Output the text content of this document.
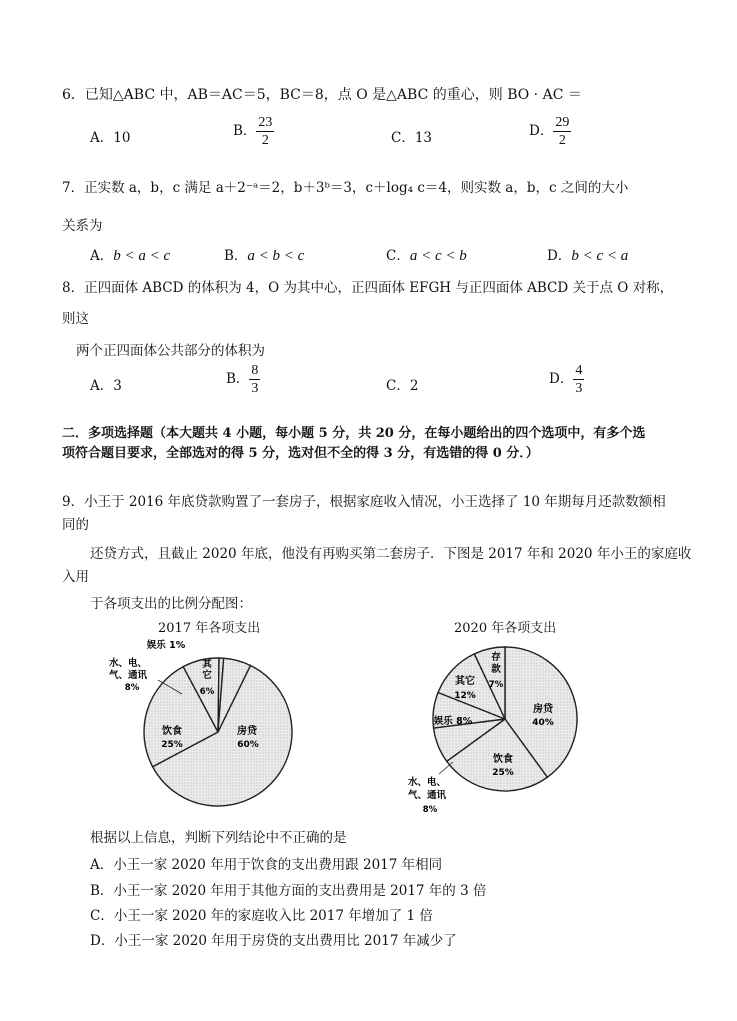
6．已知△ABC 中，AB＝AC＝5，BC＝8，点 O 是△ABC 的重心，则 BO · AC ＝
A．10	B． $\frac{23}{2}$	C．13	D． $\frac{29}{2}$
7．正实数 a，b，c 满足 a＋2⁻ᵃ＝2，b＋3ᵇ＝3，c＋log₄ c＝4，则实数 a，b，c 之间的大小
关系为
A．b < a < c	B．a < b < c	C．a < c < b	D．b < c < a
8．正四面体 ABCD 的体积为 4，O 为其中心，正四面体 EFGH 与正四面体 ABCD 关于点 O 对称，
则这
两个正四面体公共部分的体积为
A．3	B． $\frac{8}{3}$	C．2	D． $\frac{4}{3}$
二．多项选择题（本大题共 4 小题，每小题 5 分，共 20 分，在每小题给出的四个选项中，有多个选
项符合题目要求，全部选对的得 5 分，选对但不全的得 3 分，有选错的得 0 分．）
9．小王于 2016 年底贷款购置了一套房子，根据家庭收入情况，小王选择了 10 年期每月还款数额相
同的
还贷方式，且截止 2020 年底，他没有再购买第二套房子．下图是 2017 年和 2020 年小王的家庭收
入用
于各项支出的比例分配图：
2017 年各项支出
房贷
60%
饮食
25%
水、电、
气、通讯
8%
娱乐 1%
其
它
6%
2020 年各项支出
房贷
40%
饮食
25%
水、电、
气、通讯
8%
娱乐 8%
其它
12%
存
款
7%
根据以上信息，判断下列结论中不正确的是
A．小王一家 2020 年用于饮食的支出费用跟 2017 年相同
B．小王一家 2020 年用于其他方面的支出费用是 2017 年的 3 倍
C．小王一家 2020 年的家庭收入比 2017 年增加了 1 倍
D．小王一家 2020 年用于房贷的支出费用比 2017 年减少了
